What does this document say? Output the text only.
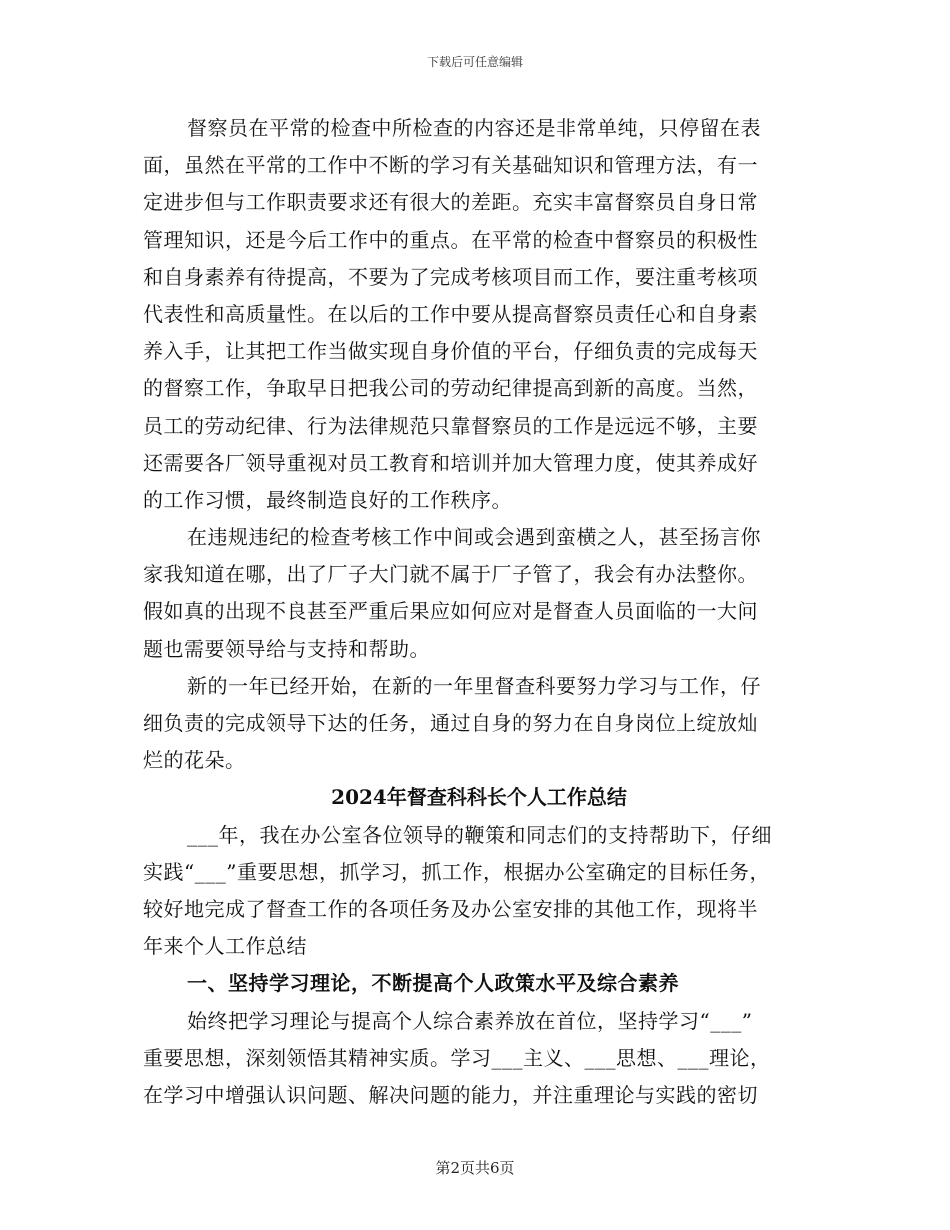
下载后可任意编辑
督察员在平常的检查中所检查的内容还是非常单纯，只停留在表
面，虽然在平常的工作中不断的学习有关基础知识和管理方法，有一
定进步但与工作职责要求还有很大的差距。充实丰富督察员自身日常
管理知识，还是今后工作中的重点。在平常的检查中督察员的积极性
和自身素养有待提高，不要为了完成考核项目而工作，要注重考核项
代表性和高质量性。在以后的工作中要从提高督察员责任心和自身素
养入手，让其把工作当做实现自身价值的平台，仔细负责的完成每天
的督察工作，争取早日把我公司的劳动纪律提高到新的高度。当然，
员工的劳动纪律、行为法律规范只靠督察员的工作是远远不够，主要
还需要各厂领导重视对员工教育和培训并加大管理力度，使其养成好
的工作习惯，最终制造良好的工作秩序。
在违规违纪的检查考核工作中间或会遇到蛮横之人，甚至扬言你
家我知道在哪，出了厂子大门就不属于厂子管了，我会有办法整你。
假如真的出现不良甚至严重后果应如何应对是督查人员面临的一大问
题也需要领导给与支持和帮助。
新的一年已经开始，在新的一年里督查科要努力学习与工作，仔
细负责的完成领导下达的任务，通过自身的努力在自身岗位上绽放灿
烂的花朵。
2024年督查科科长个人工作总结
___年，我在办公室各位领导的鞭策和同志们的支持帮助下，仔细
实践“___”重要思想，抓学习，抓工作，根据办公室确定的目标任务，
较好地完成了督查工作的各项任务及办公室安排的其他工作，现将半
年来个人工作总结
一、坚持学习理论，不断提高个人政策水平及综合素养
始终把学习理论与提高个人综合素养放在首位，坚持学习“___”
重要思想，深刻领悟其精神实质。学习___主义、___思想、___理论，
在学习中增强认识问题、解决问题的能力，并注重理论与实践的密切
第2页共6页
